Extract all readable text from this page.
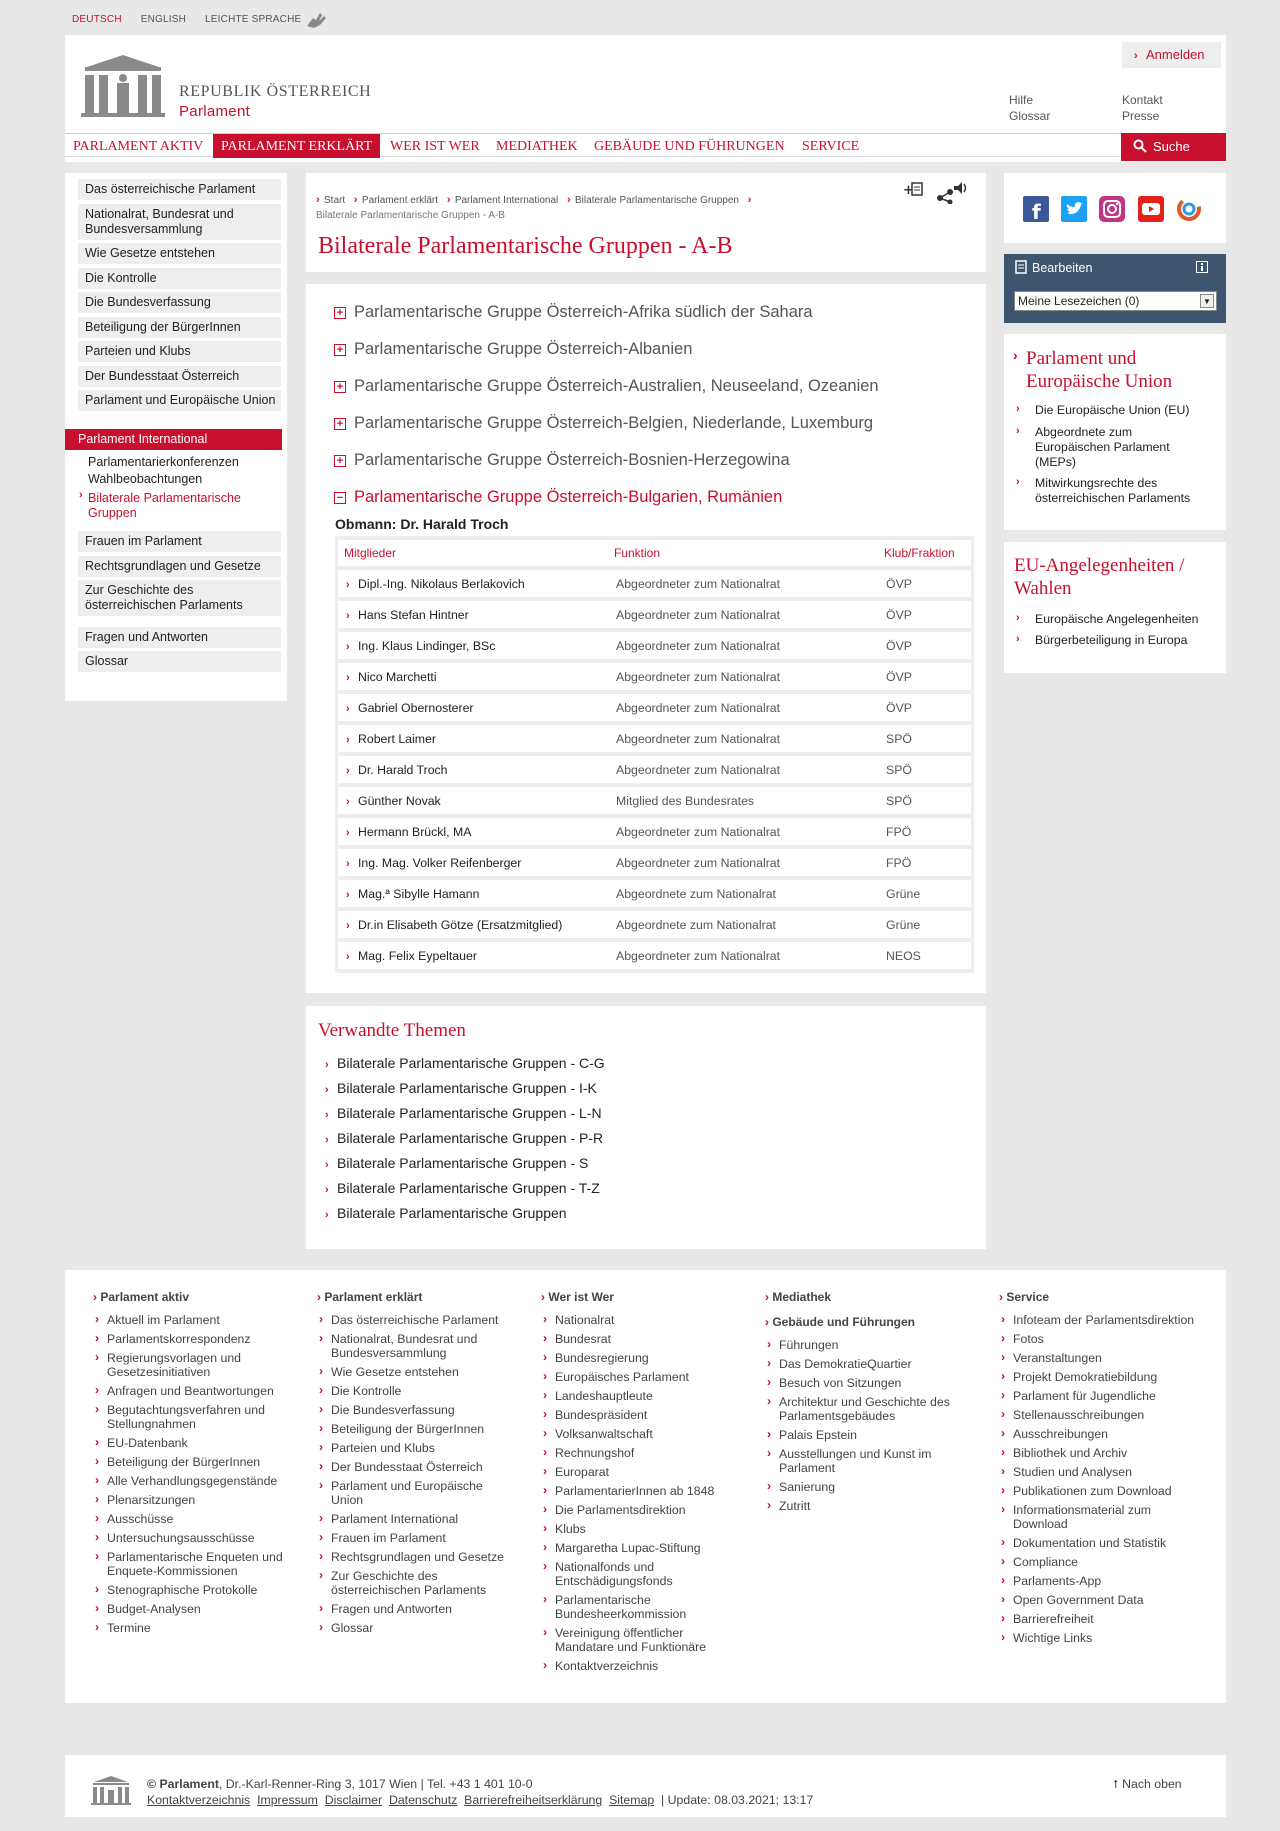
DEUTSCH ENGLISH LEICHTE SPRACHE
REPUBLIK ÖSTERREICH
Parlament
› Anmelden
Hilfe
Glossar
Kontakt
Presse
PARLAMENT AKTIV	PARLAMENT ERKLÄRT	WER IST WER	MEDIATHEK	GEBÄUDE UND FÜHRUNGEN	SERVICE	Suche
Das österreichische Parlament
Nationalrat, Bundesrat und Bundesversammlung
Wie Gesetze entstehen
Die Kontrolle
Die Bundesverfassung
Beteiligung der BürgerInnen
Parteien und Klubs
Der Bundesstaat Österreich
Parlament und Europäische Union
Parlament International
Parlamentarierkonferenzen
Wahlbeobachtungen
› Bilaterale Parlamentarische Gruppen
Frauen im Parlament
Rechtsgrundlagen und Gesetze
Zur Geschichte des österreichischen Parlaments
Fragen und Antworten
Glossar
› Start › Parlament erklärt › Parlament International › Bilaterale Parlamentarische Gruppen ›Bilaterale Parlamentarische Gruppen - A-B
+
Bilaterale Parlamentarische Gruppen - A-B
+ Parlamentarische Gruppe Österreich-Afrika südlich der Sahara
+ Parlamentarische Gruppe Österreich-Albanien
+ Parlamentarische Gruppe Österreich-Australien, Neuseeland, Ozeanien
+ Parlamentarische Gruppe Österreich-Belgien, Niederlande, Luxemburg
+ Parlamentarische Gruppe Österreich-Bosnien-Herzegowina
− Parlamentarische Gruppe Österreich-Bulgarien, Rumänien
Obmann: Dr. Harald Troch
Mitglieder	Funktion	Klub/Fraktion
› Dipl.-Ing. Nikolaus Berlakovich	Abgeordneter zum Nationalrat	ÖVP
› Hans Stefan Hintner	Abgeordneter zum Nationalrat	ÖVP
› Ing. Klaus Lindinger, BSc	Abgeordneter zum Nationalrat	ÖVP
› Nico Marchetti	Abgeordneter zum Nationalrat	ÖVP
› Gabriel Obernosterer	Abgeordneter zum Nationalrat	ÖVP
› Robert Laimer	Abgeordneter zum Nationalrat	SPÖ
› Dr. Harald Troch	Abgeordneter zum Nationalrat	SPÖ
› Günther Novak	Mitglied des Bundesrates	SPÖ
› Hermann Brückl, MA	Abgeordneter zum Nationalrat	FPÖ
› Ing. Mag. Volker Reifenberger	Abgeordneter zum Nationalrat	FPÖ
› Mag.ª Sibylle Hamann	Abgeordnete zum Nationalrat	Grüne
› Dr.in Elisabeth Götze (Ersatzmitglied)	Abgeordnete zum Nationalrat	Grüne
› Mag. Felix Eypeltauer	Abgeordneter zum Nationalrat	NEOS
Verwandte Themen
› Bilaterale Parlamentarische Gruppen - C-G
› Bilaterale Parlamentarische Gruppen - I-K
› Bilaterale Parlamentarische Gruppen - L-N
› Bilaterale Parlamentarische Gruppen - P-R
› Bilaterale Parlamentarische Gruppen - S
› Bilaterale Parlamentarische Gruppen - T-Z
› Bilaterale Parlamentarische Gruppen
f
Bearbeiten
Meine Lesezeichen (0)	▼
› Parlament und Europäische Union
›	Die Europäische Union (EU)
›	Abgeordnete zum Europäischen Parlament (MEPs)
›	Mitwirkungsrechte des österreichischen Parlaments
EU-Angelegenheiten / Wahlen
›	Europäische Angelegenheiten
›	Bürgerbeteiligung in Europa
› Parlament aktiv
› Aktuell im Parlament
› Parlamentskorrespondenz
› Regierungsvorlagen und Gesetzesinitiativen
› Anfragen und Beantwortungen
› Begutachtungsverfahren und Stellungnahmen
› EU-Datenbank
› Beteiligung der BürgerInnen
› Alle Verhandlungsgegenstände
› Plenarsitzungen
› Ausschüsse
› Untersuchungsausschüsse
› Parlamentarische Enqueten und Enquete-Kommissionen
› Stenographische Protokolle
› Budget-Analysen
› Termine
› Parlament erklärt
› Das österreichische Parlament
› Nationalrat, Bundesrat und Bundesversammlung
› Wie Gesetze entstehen
› Die Kontrolle
› Die Bundesverfassung
› Beteiligung der BürgerInnen
› Parteien und Klubs
› Der Bundesstaat Österreich
› Parlament und Europäische Union
› Parlament International
› Frauen im Parlament
› Rechtsgrundlagen und Gesetze
› Zur Geschichte des österreichischen Parlaments
› Fragen und Antworten
› Glossar
› Wer ist Wer
› Nationalrat
› Bundesrat
› Bundesregierung
› Europäisches Parlament
› Landeshauptleute
› Bundespräsident
› Volksanwaltschaft
› Rechnungshof
› Europarat
› ParlamentarierInnen ab 1848
› Die Parlamentsdirektion
› Klubs
› Margaretha Lupac-Stiftung
› Nationalfonds und Entschädigungsfonds
› Parlamentarische Bundesheerkommission
› Vereinigung öffentlicher Mandatare und Funktionäre
› Kontaktverzeichnis
› Mediathek
› Gebäude und Führungen
› Führungen
› Das DemokratieQuartier
› Besuch von Sitzungen
› Architektur und Geschichte des Parlamentsgebäudes
› Palais Epstein
› Ausstellungen und Kunst im Parlament
› Sanierung
› Zutritt
› Service
› Infoteam der Parlamentsdirektion
› Fotos
› Veranstaltungen
› Projekt Demokratiebildung
› Parlament für Jugendliche
› Stellenausschreibungen
› Ausschreibungen
› Bibliothek und Archiv
› Studien und Analysen
› Publikationen zum Download
› Informationsmaterial zum Download
› Dokumentation und Statistik
› Compliance
› Parlaments-App
› Open Government Data
› Barrierefreiheit
› Wichtige Links
© Parlament, Dr.-Karl-Renner-Ring 3, 1017 Wien | Tel. +43 1 401 10-0
Kontaktverzeichnis Impressum Disclaimer Datenschutz Barrierefreiheitserklärung Sitemap | Update: 08.03.2021; 13:17
⭡ Nach oben
